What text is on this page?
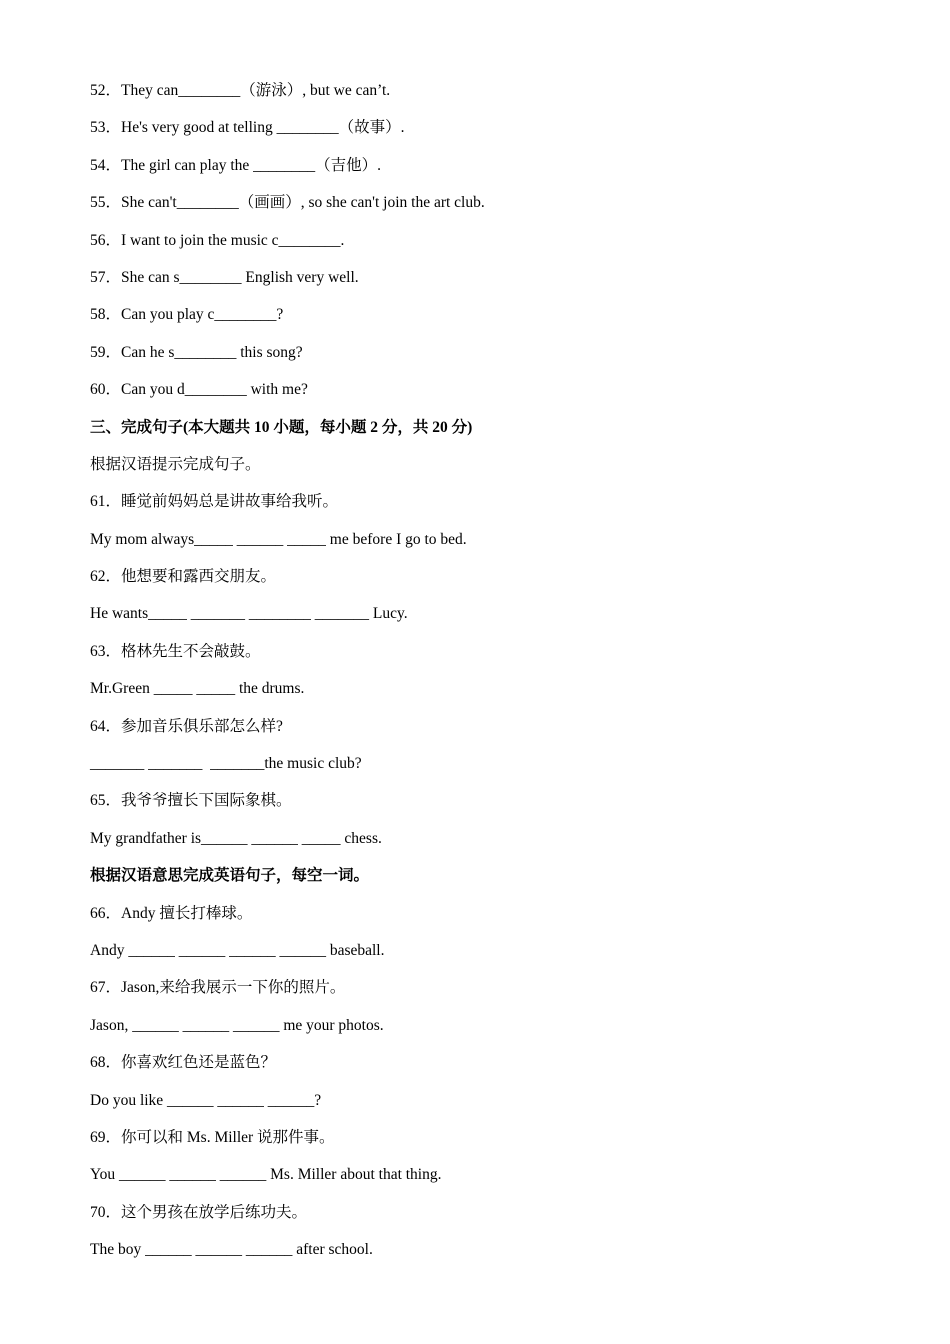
52．They can________（游泳）, but we can’t.
53．He's very good at telling ________（故事）.
54．The girl can play the ________（吉他）.
55．She can't________（画画）, so she can't join the art club.
56．I want to join the music c________.
57．She can s________ English very well.
58．Can you play c________?
59．Can he s________ this song?
60．Can you d________ with me?
三、完成句子(本大题共 10 小题，每小题 2 分，共 20 分)
根据汉语提示完成句子。
61．睡觉前妈妈总是讲故事给我听。
My mom always_____ ______ _____ me before I go to bed.
62．他想要和露西交朋友。
He wants_____ _______ ________ _______ Lucy.
63．格林先生不会敲鼓。
Mr.Green _____ _____ the drums.
64．参加音乐俱乐部怎么样?
_______ _______  _______the music club?
65．我爷爷擅长下国际象棋。
My grandfather is______ ______ _____ chess.
根据汉语意思完成英语句子，每空一词。
66．Andy 擅长打棒球。
Andy ______ ______ ______ ______ baseball.
67．Jason,来给我展示一下你的照片。
Jason, ______ ______ ______ me your photos.
68．你喜欢红色还是蓝色？
Do you like ______ ______ ______?
69．你可以和 Ms. Miller 说那件事。
You ______ ______ ______ Ms. Miller about that thing.
70．这个男孩在放学后练功夫。
The boy ______ ______ ______ after school.
